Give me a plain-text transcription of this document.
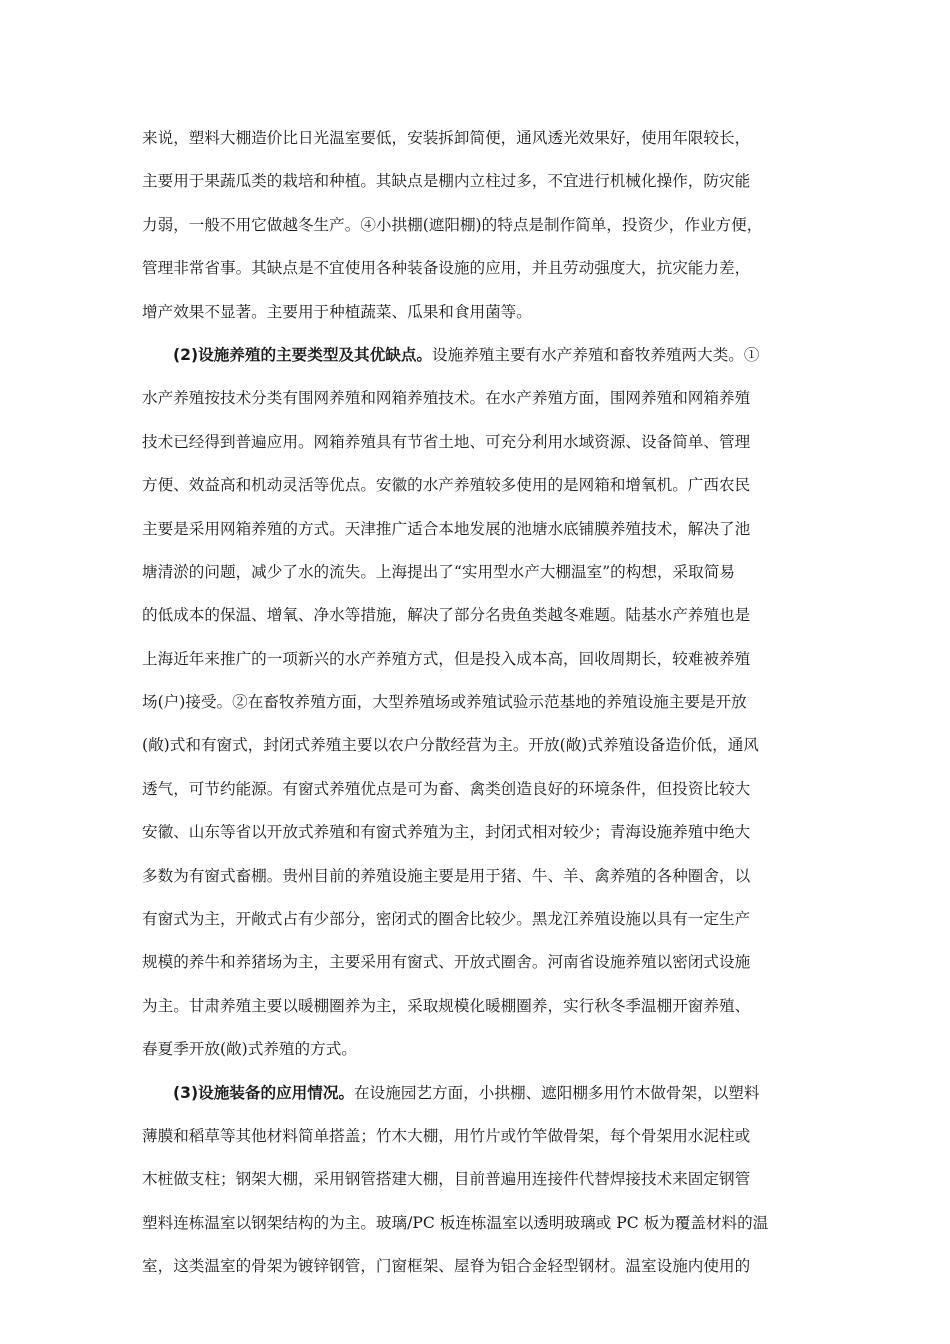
来说，塑料大棚造价比日光温室要低，安装拆卸简便，通风透光效果好，使用年限较长，
主要用于果蔬瓜类的栽培和种植。其缺点是棚内立柱过多，不宜进行机械化操作，防灾能
力弱，一般不用它做越冬生产。④小拱棚(遮阳棚)的特点是制作简单，投资少，作业方便，
管理非常省事。其缺点是不宜使用各种装备设施的应用，并且劳动强度大，抗灾能力差，
增产效果不显著。主要用于种植蔬菜、瓜果和食用菌等。
(2)设施养殖的主要类型及其优缺点。设施养殖主要有水产养殖和畜牧养殖两大类。①
水产养殖按技术分类有围网养殖和网箱养殖技术。在水产养殖方面，围网养殖和网箱养殖
技术已经得到普遍应用。网箱养殖具有节省土地、可充分利用水域资源、设备简单、管理
方便、效益高和机动灵活等优点。安徽的水产养殖较多使用的是网箱和增氧机。广西农民
主要是采用网箱养殖的方式。天津推广适合本地发展的池塘水底铺膜养殖技术，解决了池
塘清淤的问题，减少了水的流失。上海提出了“实用型水产大棚温室”的构想，采取简易
的低成本的保温、增氧、净水等措施，解决了部分名贵鱼类越冬难题。陆基水产养殖也是
上海近年来推广的一项新兴的水产养殖方式，但是投入成本高，回收周期长，较难被养殖
场(户)接受。②在畜牧养殖方面，大型养殖场或养殖试验示范基地的养殖设施主要是开放
(敞)式和有窗式，封闭式养殖主要以农户分散经营为主。开放(敞)式养殖设备造价低，通风
透气，可节约能源。有窗式养殖优点是可为畜、禽类创造良好的环境条件，但投资比较大
安徽、山东等省以开放式养殖和有窗式养殖为主，封闭式相对较少；青海设施养殖中绝大
多数为有窗式畜棚。贵州目前的养殖设施主要是用于猪、牛、羊、禽养殖的各种圈舍，以
有窗式为主，开敞式占有少部分，密闭式的圈舍比较少。黑龙江养殖设施以具有一定生产
规模的养牛和养猪场为主，主要采用有窗式、开放式圈舍。河南省设施养殖以密闭式设施
为主。甘肃养殖主要以暖棚圈养为主，采取规模化暖棚圈养，实行秋冬季温棚开窗养殖、
春夏季开放(敞)式养殖的方式。
(3)设施装备的应用情况。在设施园艺方面，小拱棚、遮阳棚多用竹木做骨架，以塑料
薄膜和稻草等其他材料简单搭盖；竹木大棚，用竹片或竹竿做骨架，每个骨架用水泥柱或
木桩做支柱；钢架大棚，采用钢管搭建大棚，目前普遍用连接件代替焊接技术来固定钢管
塑料连栋温室以钢架结构的为主。玻璃/PC 板连栋温室以透明玻璃或 PC 板为覆盖材料的温
室，这类温室的骨架为镀锌钢管，门窗框架、屋脊为铝合金轻型钢材。温室设施内使用的
